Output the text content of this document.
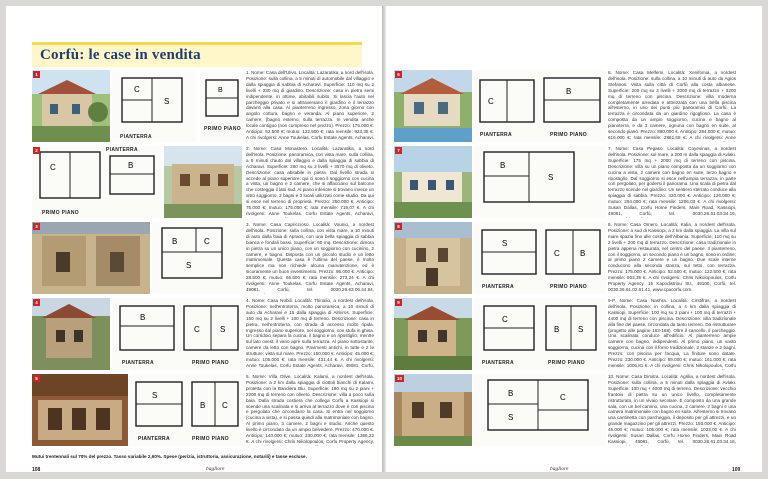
Corfù: le case in vendita
C
S
PIANTERRA
B
PRIMO PIANO
1. Nome: Casa dell'Ulivo. Località: Lazaratika, a nord dell'isola. Posizione: sulla collina, a 5 minuti di automobile dal villaggio e dalla spiaggia di sabbia di Acharavi. Superficie: 110 mq su 2 livelli + 230 mq di giardino. Descrizione: casa in pietra semi indipendente, in ottime, abitabili subito. Si lascia l'auto nel parcheggio privato e si attraversano il giardino e il terrazzo davanti alla casa. Al pianterreno ingresso, zona giorno con angolo cottura, bagno e veranda. Al piano superiore, 2 camere, (bagno esterno, sulla terrazza. In vendita anche locale contiguo (non compreso nel prezzo). Prezzo: 175.000 €. Anticipo: 52.500 €; mutuo: 122.500 €; rata mensile: 923,35 €. A chi rivolgersi: Anne Toukelas, Corfu Estate Agents, Acharavi,
1
C	B
PIANTERRA
PRIMO PIANO
2. Nome: Casa Monastero. Località: Lazaratika, a nord dell'isola. Posizione: panoramica, con vista mare, sulla collina, a 5 minuti d'auto dal villaggio e dalla spiaggia di sabbia di Acharavi. Superficie: 260 mq su 2 livelli + 3570 mq di oliveto. Descrizione: casa abitabile in pietra. Dal livello strada si accede al piano superiore: qui ci sono il soggiorno con cucina a vista, un bagno e 2 camere, che si affacciano sul balcone che costeggia il lato sud. Al piano inferiore si trovano invece un altro soggiorno, 2 bagni e 3 locali utilizzati come studio. Da qui si esce nel terreno di proprietà. Prezzo: 250.000 €. Anticipo: 75.000 €; mutuo: 175.000 €; rata mensile: 719,07 €. A chi rivolgersi: Anne Toukelas, Corfu Estate Agents, Acharavi,
2
B	C
S
3. Nome: Casa Capriccioso. Località: Vounio, a nordest dell'isola. Posizione: sulla collina, con vista mare, a 10 minuti di auto dalla baia di Apraos, con una bella spiaggia di sabbia bianca e fondali bassi. Superficie: 60 mq. Descrizione: dimora in pietra su un unico piano, con un soggiorno con cucinino, 2 camere, e bagno. Disposta con un piccolo studio e un letto matrimoniale. Questa casa è l'ultima del paese, è molto semplice ma non richiede alcuna manutenzione, ed è sicuramente un buon investimento. Prezzo: 95.000 €. Anticipo: 28.500 €; mutuo: 66.500 €; rata mensile: 273,24 €. A chi rivolgersi: Anne Toukelas, Corfu Estate Agents, Acharavi, 49081, Corfù, tel. 0030.26.63.06.44.94,
3
B
C	S
PIANTERRA	PRIMO PIANO
4. Nome: Casa Nobili. Località: Thinalio, a nordest dell'isola. Posizione: nell'entroterra, molto panoramica, a 10 minuti di auto da Acharavi e 15 dalla spiaggia di Almiros. Superficie: 150 mq su 2 livelli + 100 mq di terreno. Descrizione: casa in pietra, nell'entroterra, con strada di accesso molto ripida. Ingresso dal piano superiore, nel soggiorno, con stufa in ghisa. Un corridoio separa la cucina, il bagno e un ripostiglio, mentre sul lato ovest, il vano apre sulla terrazza. Al piano sottostante, camere da letto con bagno. Pavimenti antichi, in tutte e 2 le strutture; vista sul mare. Prezzo: 150.000 €. Anticipo: 45.000 €; mutuo: 105.000 €; rata mensile: 431,44 €. A chi rivolgersi: Anne Toukelas, Corfu Estate Agents, Acharavi, 49081, Corfù,
4
S
B C
PIANTERRA	PRIMO PIANO
5. Nome: Villa Olive. Località: Kalami, a nordest dell'isola. Posizione: a 2 km dalla spiaggia di ciottoli bianchi di Kalami, protetta con la Bandiera Blu. Superficie: 180 mq su 2 piani + 2200 mq di terreno con oliveto. Descrizione: villa a poco sulla baia. Dalla strada costiera che collega Corfù a Kassiopi si scende una scalinata e si arriva al terrazzo dove è con piscina e pergolato che circondano la casa. Si entra nel soggiorno (cucina a vista), e si passa quindi alla matrimoniale con bagno. Al primo piano, 3 camere, 2 bagni e studio. Anche questo livello è circondato da un ampio belvedere. Prezzo: 470.000 €. Anticipo: 140.000 €; mutuo: 330.000 €; rata mensile: 1366,22 €. A chi rivolgersi: Chris Nikolopoulos, Corfu Property Agency,
5
Mutui trentennali sul 70% del prezzo. Tasso variabile 2,60%. Spese (perizia, istruttoria, assicurazione, notarili) e tasse escluse.
108	bagliore
C
B
PIANTERRA	PRIMO PIANO
6. Nome: Casa Melfemi. Località: Xenifomia, a nordest dell'isola. Posizione: sulla collina, a 10 minuti di auto da Agios Stefanos. Vista sulla città di Corfù alla costa albanese. Superficie: 200 mq su 3 livelli + 2000 mq di terrazzo + 3200 mq di terreno con piscina. Descrizione: villa moderna completamente arredata e attrezzata con una bella piscina all'esterno, in uno dei punti più panoramici di Corfù. La terrazza è circondata da un giardino rigoglioso. La casa è composta da un ampio soggiorno, cucina e bagno al pianoterra, e da 3 camere, ognuna con bagno en suite, al secondo piano. Prezzo: 880.000 €. Anticipo: 264.000 €; mutuo: 616.000 €; rata mensile: 2861,58 €. A chi rivolgersi: Anne
6
B
S
7. Nome: Casa Pegaso. Località: Coyevinas, a nordest dell'isola. Posizione: sul mare, a 200 m dalla spiaggia di Avlaki. Superficie: 175 mq + 2000 mq di terreno con piscina. Descrizione: villa su un piano composta da un soggiorno con cucina a vista, 2 camere con bagno en suite, terzo bagno e ripostiglio. Dal soggiorno si esce nell'ampia terrazza, in parte con pergolato, per godersi il panorama. Una scala di pietra dal terrazzo scende nel giardino. Un sentiero sterrato conduce alla spiaggia di sabbia. Prezzo: 420.000 €. Anticipo: 126.000 €; mutuo: 294.000 €; rata mensile: 1206,03 €. A chi rivolgersi: Susan Dallas, Corfu Home Finders, Main Road, Kassiopi, 49081, Corfù, tel. 0030.26.61.03.34.16,
7
S
C	B
PIANTERRA	PRIMO PIANO
8. Nome: Casa Omero. Località: Kalia, a nordest dell'isola. Posizione: a sud di Kassiopi, a 2 km dalla spiaggia. La villa sul mare spazia fino alle coste dell'Albania. Superficie: 110 mq su 2 livelli + 200 mq di terrazzo. Descrizione: casa tradizionale in pietra appena restaurata, nel centro del paese. Il pianterreno, con il soggiorno, un secondo piano e un bagno, sono in ordine; al primo piano 2 camere e un bagno. Due scale interne conducono alla seconda stanza, sul tetto, con terrazza. Prezzo: 175.000 €. Anticipo: 52.500 €; mutuo: 122.500 €; rata mensile: 503,35 €. A chi rivolgersi: Chris Nikolopoulos, Corfu Property Agency, 15 Kapodistriou Str., 49100, Corfù, tel. 0030.26.61.02.61.41, www.cpacorfu.com.
8
C
B S
PIANTERRA	PRIMO PIANO
9-P. Nome: Casa Nashra. Località: Cirstifras, a nordest dell'isola. Posizione: in collina, a 4 km dalla spiaggia di Kassiopi. Superficie: 100 mq su 2 piani + 100 mq di terrazzi + 4400 mq di terreno con piscina. Descrizione: villa tradizionale alla fine del paese, circondata da tanto terreno. Da ristrutturare (progetto alle pagine 163-168). Oltre il cancello, il parcheggio. Una scalinata conduce all'edificio. Al pianterreno ampie camere con bagno, indipendenti. Al primo piano, un vasto soggiorno, cucina con il forno tradizionale, 2 stanze e 2 bagni. Prezzo: con piscina per l'acqua, La finiture sono datate. Prezzo: 230.000 €. Anticipo: 69.000 €; mutuo: 161.000 €; rata mensile: 1006,81 €. A chi rivolgersi: Chris Nikolopoulos, Corfu
9
B	C
S
10. Nome: Casa Dimitra. Località: Agrilia, a nordest dell'isola. Posizione: sulla collina, a 5 minuti dalla spiaggia di Avlaki. Superficie: 100 mq + 4000 mq di terreno. Descrizione: vecchio frantoio di pietra su un unico livello, completamente ristrutturato, in un vivaio secolare. È composto da una grande sala, con un bel camino, una cucina, 2 camere, 2 bagni e una camera matrimoniale con bagno en suite. All'esterno si trovano una cantinetta con parcheggio, il deposito per gli attrezzi, e un grande magazzino per gli attrezzi. Prezzo: 150.000 €. Anticipo: 45.000 €; mutuo: 105.000 €; rata mensile: 1033,00 €. A chi rivolgersi: Susan Dallas, Corfu Home Finders, Main Road Kassiopi, 49081, Corfù, tel. 0030.26.61.03.34.16,
10
bagliore	109
